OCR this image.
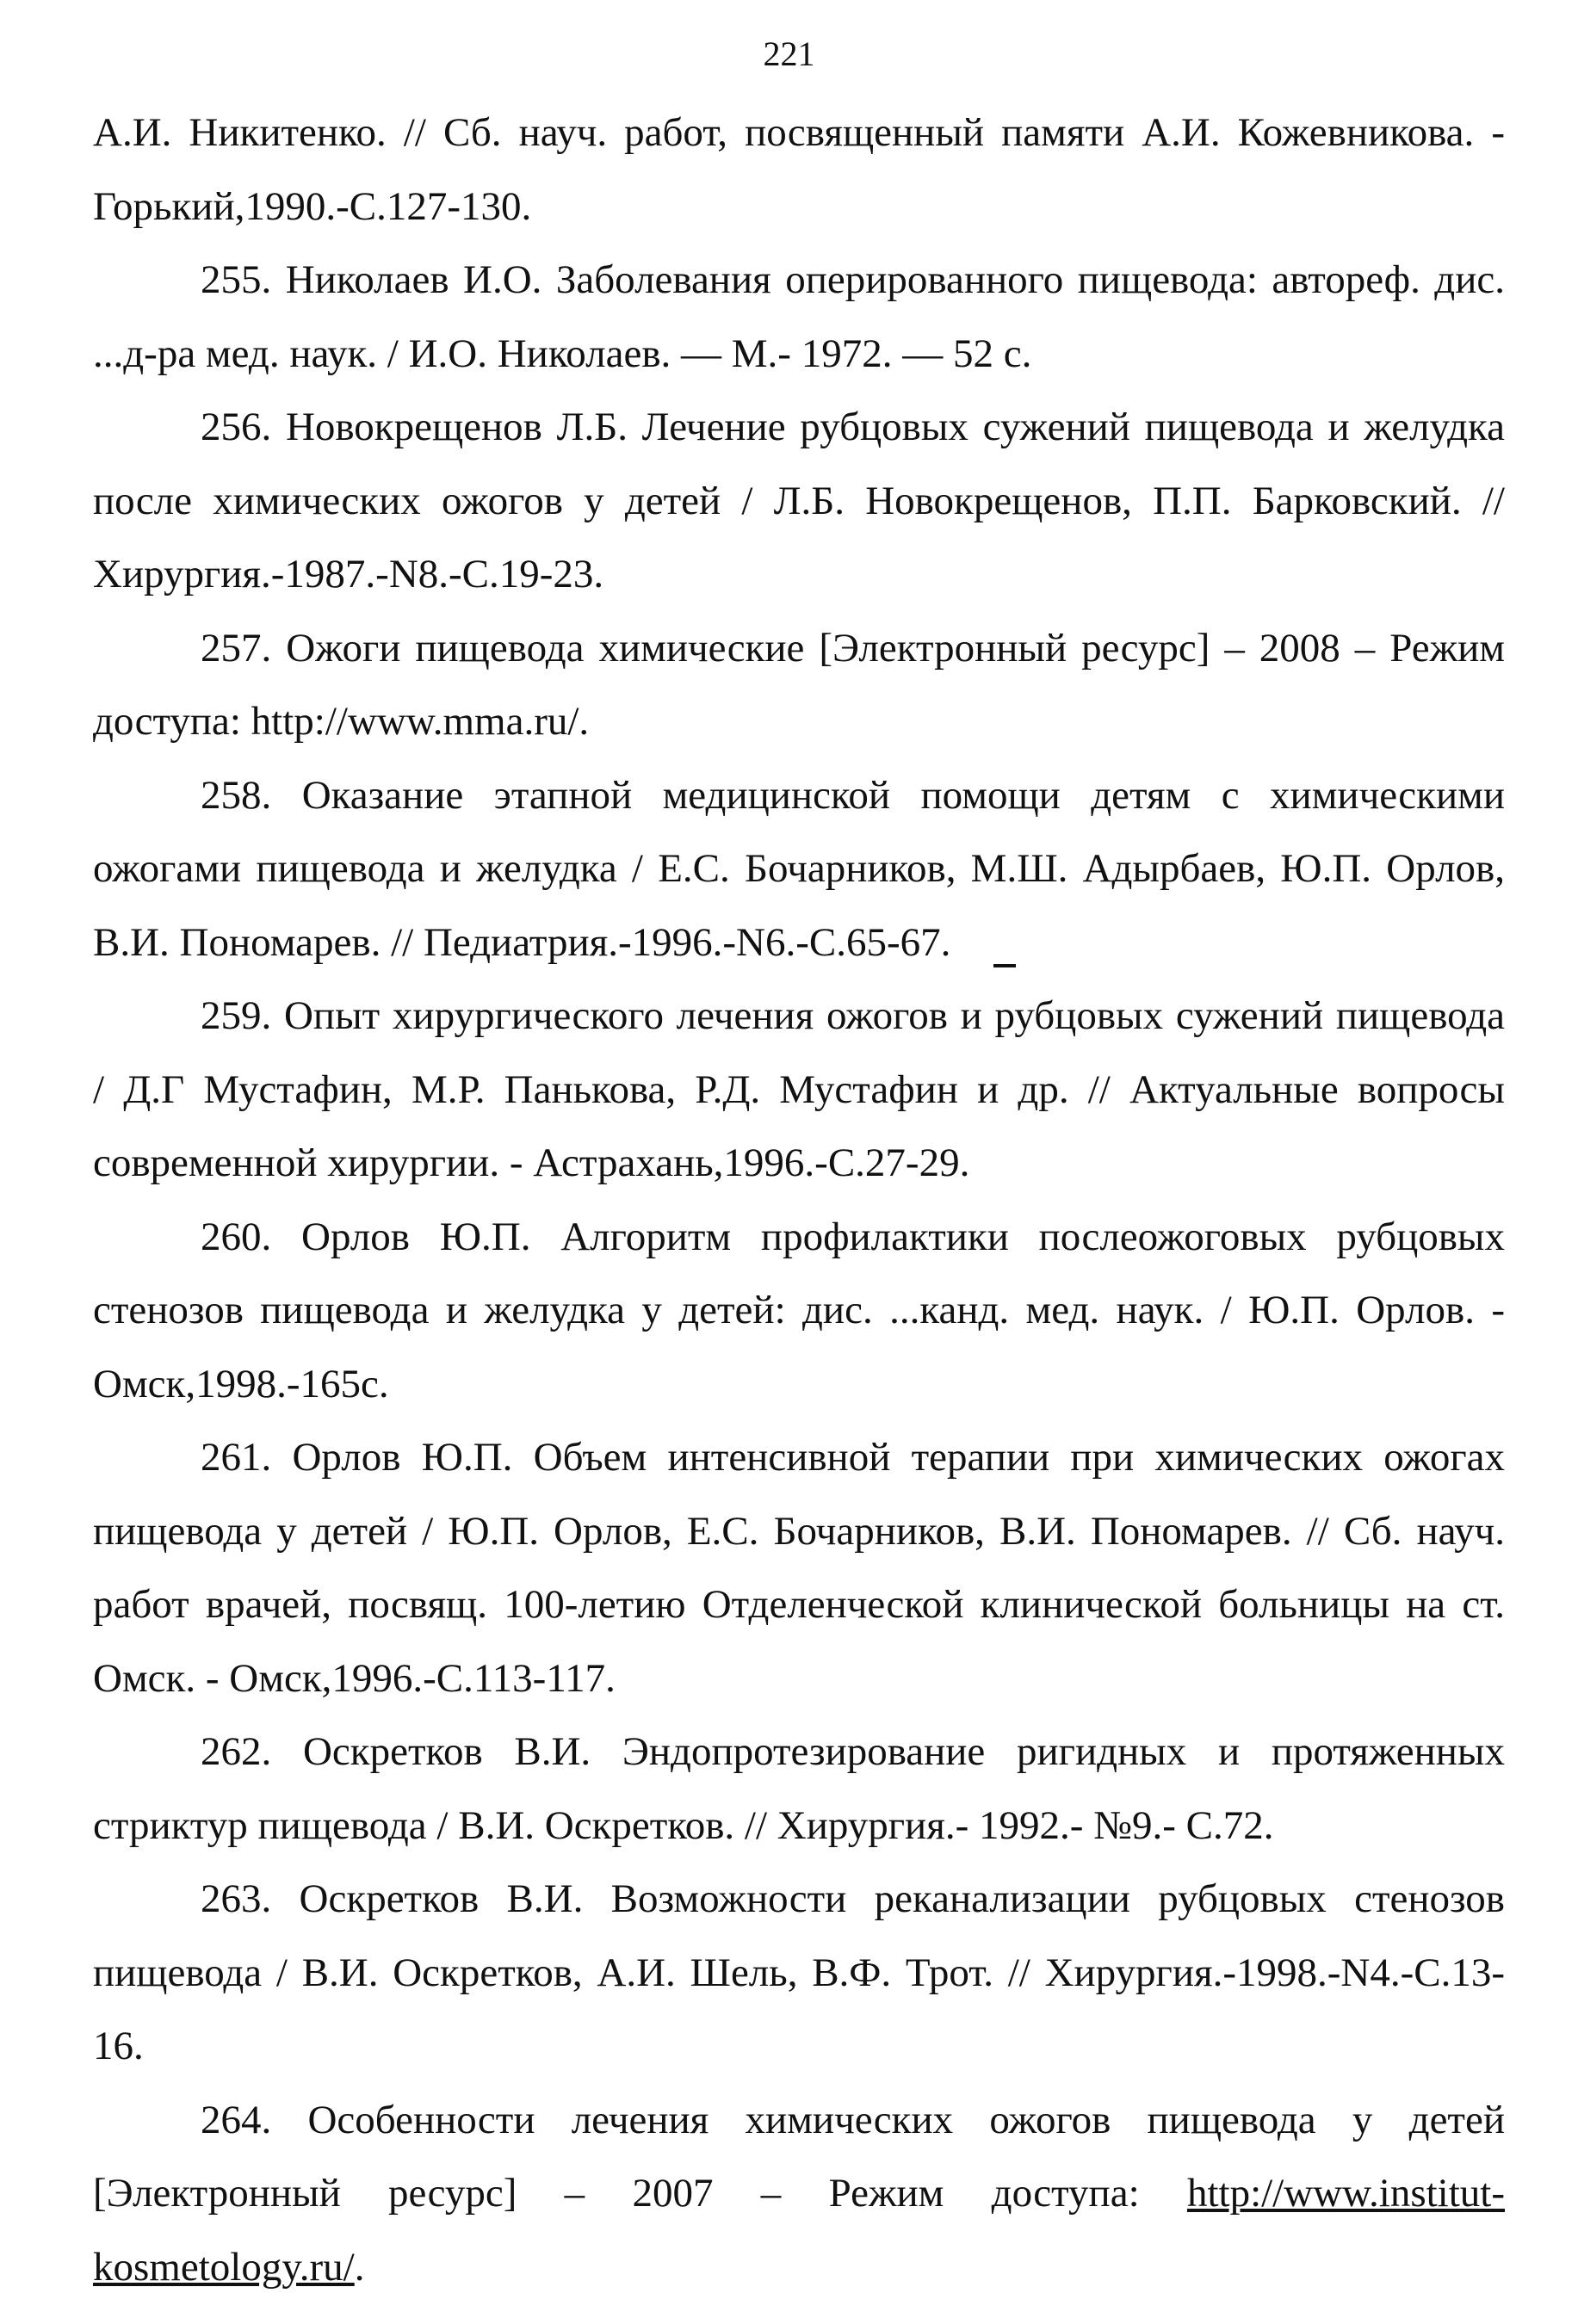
221

А.И. Никитенко. // Сб. науч. работ, посвященный памяти А.И. Кожевникова. - Горький,1990.-С.127-130.

255. Николаев И.О. Заболевания оперированного пищевода: автореф. дис. ...д-ра мед. наук. / И.О. Николаев. — М.- 1972. — 52 с.

256. Новокрещенов Л.Б. Лечение рубцовых сужений пищевода и желудка после химических ожогов у детей / Л.Б. Новокрещенов, П.П. Барковский. // Хирургия.-1987.-N8.-С.19-23.

257. Ожоги пищевода химические [Электронный ресурс] – 2008 – Режим доступа: http://www.mma.ru/.

258. Оказание этапной медицинской помощи детям с химическими ожогами пищевода и желудка / Е.С. Бочарников, М.Ш. Адырбаев, Ю.П. Орлов, В.И. Пономарев. // Педиатрия.-1996.-N6.-С.65-67.

259. Опыт хирургического лечения ожогов и рубцовых сужений пищевода / Д.Г Мустафин, М.Р. Панькова, Р.Д. Мустафин и др. // Актуальные вопросы современной хирургии. - Астрахань,1996.-С.27-29.

260. Орлов Ю.П. Алгоритм профилактики послеожоговых рубцовых стенозов пищевода и желудка у детей: дис. ...канд. мед. наук. / Ю.П. Орлов. - Омск,1998.-165с.

261. Орлов Ю.П. Объем интенсивной терапии при химических ожогах пищевода у детей / Ю.П. Орлов, Е.С. Бочарников, В.И. Пономарев. // Сб. науч. работ врачей, посвящ. 100-летию Отделенческой клинической больницы на ст. Омск. - Омск,1996.-С.113-117.

262. Оскретков В.И. Эндопротезирование ригидных и протяженных стриктур пищевода / В.И. Оскретков. // Хирургия.- 1992.- №9.- С.72.

263. Оскретков В.И. Возможности реканализации рубцовых стенозов пищевода / В.И. Оскретков, А.И. Шель, В.Ф. Трот. // Хирургия.-1998.-N4.-С.13-16.

264. Особенности лечения химических ожогов пищевода у детей [Электронный ресурс] – 2007 – Режим доступа: http://www.institut-kosmetology.ru/.
